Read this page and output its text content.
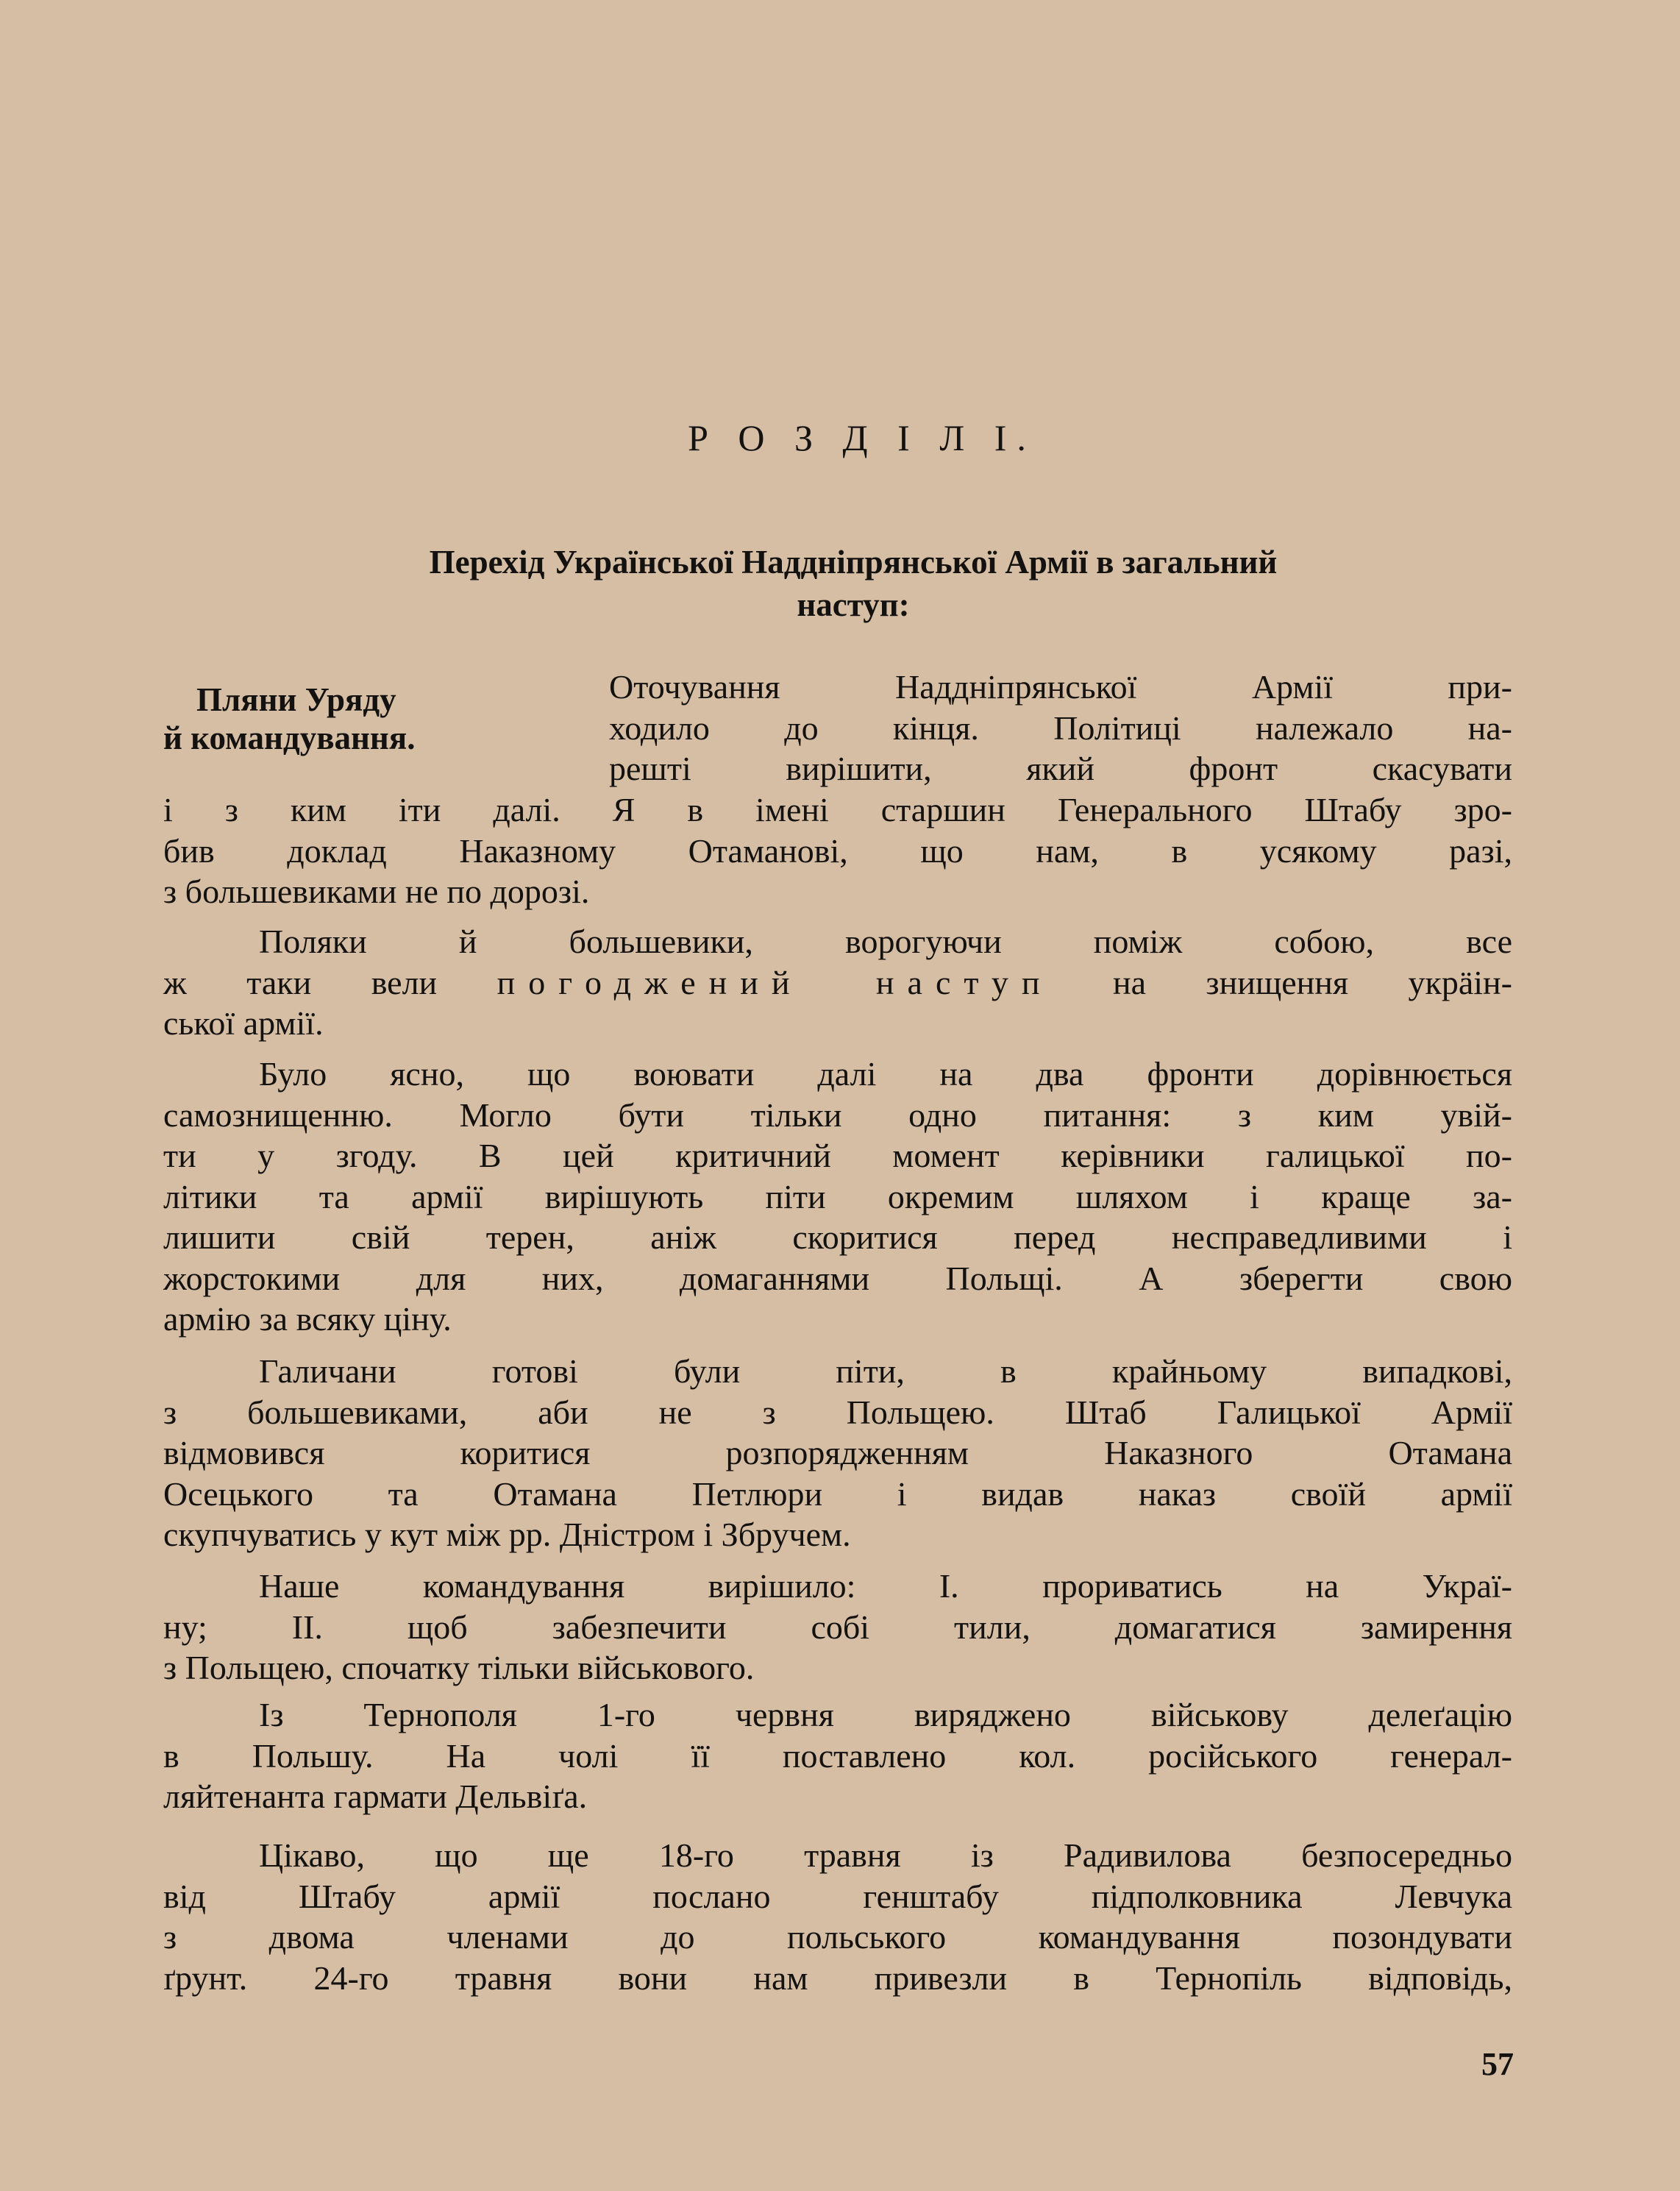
Р О З Д І Л І.
Перехід Української Наддніпрянської Армії в загальний
наступ:
Пляни Уряду
й командування.
Оточування Наддніпрянської Армії при-
ходило до кінця. Політиці належало на-
решті вирішити, який фронт скасувати
і з ким іти далі. Я в імені старшин Генерального Штабу зро-
бив доклад Наказному Отаманові, що нам, в усякому разі,
з большевиками не по дорозі.
Поляки й большевики, ворогуючи поміж собою, все
ж таки вели погоджений наступ на знищення укрӓін-
ської армії.
Було ясно, що воювати далі на два фронти дорівнюється
самознищенню. Могло бути тільки одно питання: з ким увій-
ти у згоду. В цей критичний момент керівники галицької по-
літики та армії вирішують піти окремим шляхом і краще за-
лишити свій терен, аніж скоритися перед несправедливими і
жорстокими для них, домаганнями Польщі. А зберегти свою
армію за всяку ціну.
Галичани готові були піти, в крайньому випадкові,
з большевиками, аби не з Польщею. Штаб Галицької Армії
відмовився коритися розпорядженням Наказного Отамана
Осецького та Отамана Петлюри і видав наказ своїй армії
скупчуватись у кут між рр. Дністром і Збручем.
Наше командування вирішило: І. прориватись на Украї-
ну; ІІ. щоб забезпечити собі тили, домагатися замирення
з Польщею, спочатку тільки військового.
Із Тернополя 1-го червня виряджено військову делеґацію
в Польшу. На чолі її поставлено кол. російського генерал-
ляйтенанта гармати Дельвіґа.
Цікаво, що ще 18-го травня із Радивилова безпосередньо
від Штабу армії послано генштабу підполковника Левчука
з двома членами до польського командування позондувати
ґрунт. 24-го травня вони нам привезли в Тернопіль відповідь,
57
